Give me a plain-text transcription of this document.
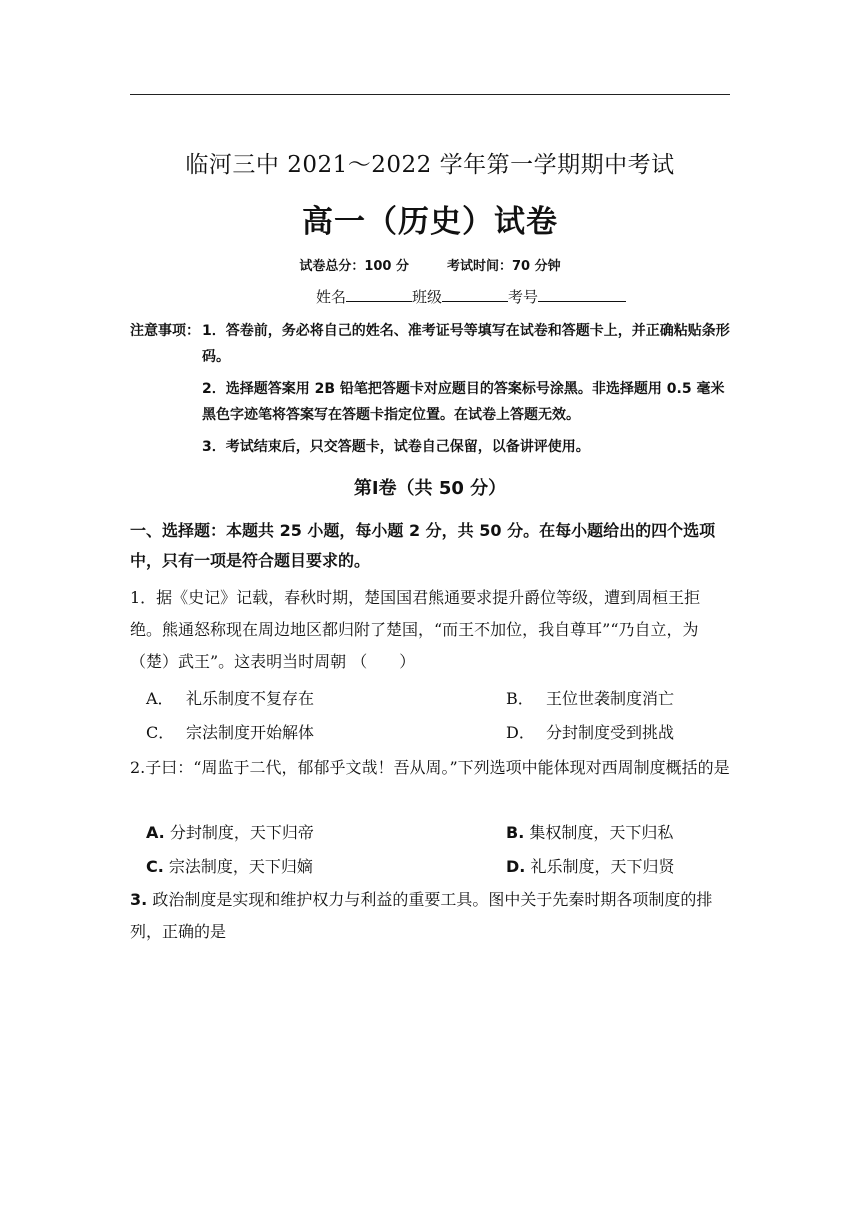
临河三中 2021～2022 学年第一学期期中考试
高一（历史）试卷
试卷总分：100 分	考试时间：70 分钟
姓名	班级	考号
注意事项： 1．答卷前，务必将自己的姓名、准考证号等填写在试卷和答题卡上，并正确粘贴条形码。
2．选择题答案用 2B 铅笔把答题卡对应题目的答案标号涂黑。非选择题用 0.5 毫米黑色字迹笔将答案写在答题卡指定位置。在试卷上答题无效。
3．考试结束后，只交答题卡，试卷自己保留，以备讲评使用。
第Ⅰ卷（共 50 分）
一、选择题：本题共 25 小题，每小题 2 分，共 50 分。在每小题给出的四个选项中，只有一项是符合题目要求的。
1．据《史记》记载，春秋时期，楚国国君熊通要求提升爵位等级，遭到周桓王拒绝。熊通怒称现在周边地区都归附了楚国，“而王不加位，我自尊耳”“乃自立，为（楚）武王”。这表明当时周朝 （　　）
A． 礼乐制度不复存在	B． 王位世袭制度消亡
C． 宗法制度开始解体	D． 分封制度受到挑战
2.子曰：“周监于二代，郁郁乎文哉！吾从周。”下列选项中能体现对西周制度概括的是
A. 分封制度，天下归帝	B. 集权制度，天下归私
C. 宗法制度，天下归嫡	D. 礼乐制度，天下归贤
3. 政治制度是实现和维护权力与利益的重要工具。图中关于先秦时期各项制度的排列，正确的是
